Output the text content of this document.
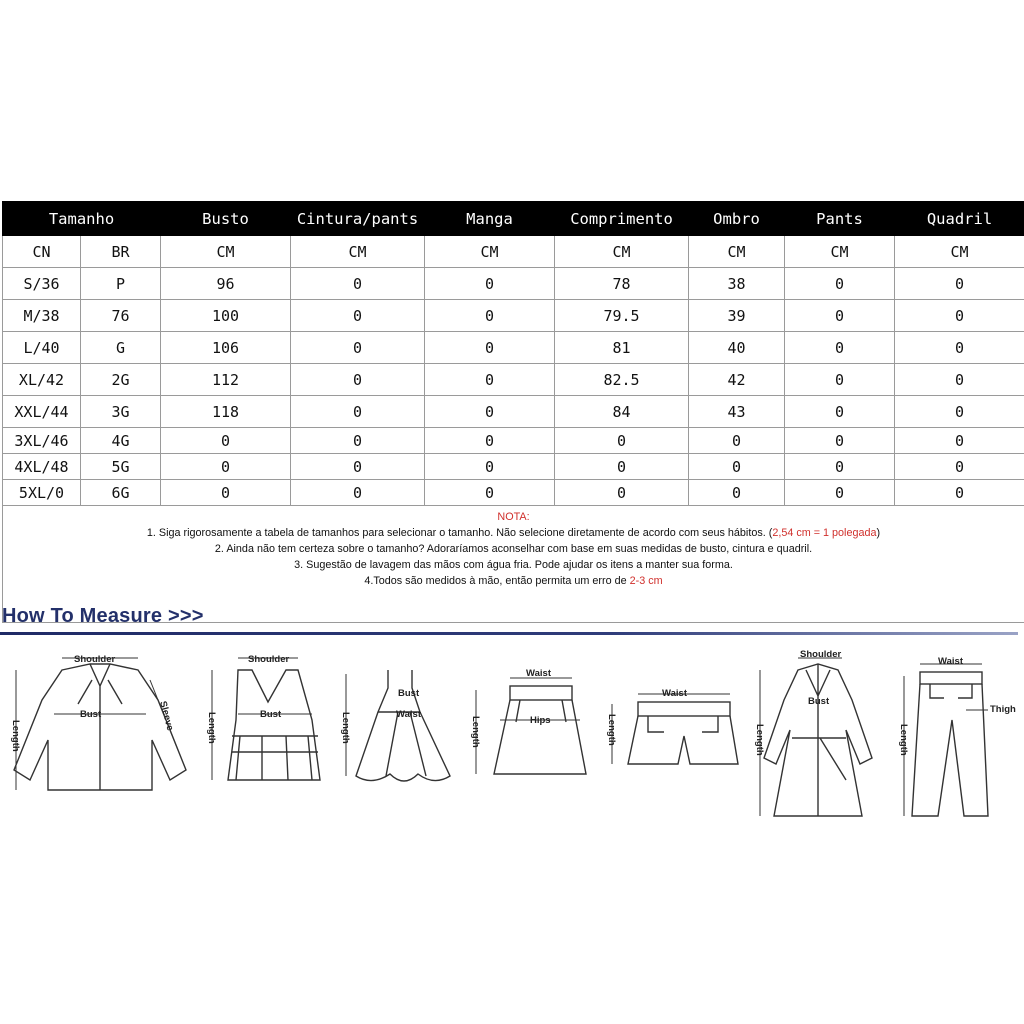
Tamanho		Busto	Cintura/pants	Manga	Comprimento	Ombro	Pants	Quadril
CN	BR	CM	CM	CM	CM	CM	CM	CM
S/36	P	96	0	0	78	38	0	0
M/38	76	100	0	0	79.5	39	0	0
L/40	G	106	0	0	81	40	0	0
XL/42	2G	112	0	0	82.5	42	0	0
XXL/44	3G	118	0	0	84	43	0	0
3XL/46	4G	0	0	0	0	0	0	0
4XL/48	5G	0	0	0	0	0	0	0
5XL/0	6G	0	0	0	0	0	0	0

NOTA:
1. Siga rigorosamente a tabela de tamanhos para selecionar o tamanho. Não selecione diretamente de acordo com seus hábitos. (2,54 cm = 1 polegada)
2. Ainda não tem certeza sobre o tamanho? Adoraríamos aconselhar com base em suas medidas de busto, cintura e quadril.
3. Sugestão de lavagem das mãos com água fria. Pode ajudar os itens a manter sua forma.
4.Todos são medidos à mão, então permita um erro de 2-3 cm								
How To Measure >>>
Shoulder
Bust
Length
Sleeve
Shoulder
Bust
Length
Bust
Waist
Length
Waist
Hips
Length
Waist
Length
Shoulder
Bust
Length
Waist
Thigh
Length
